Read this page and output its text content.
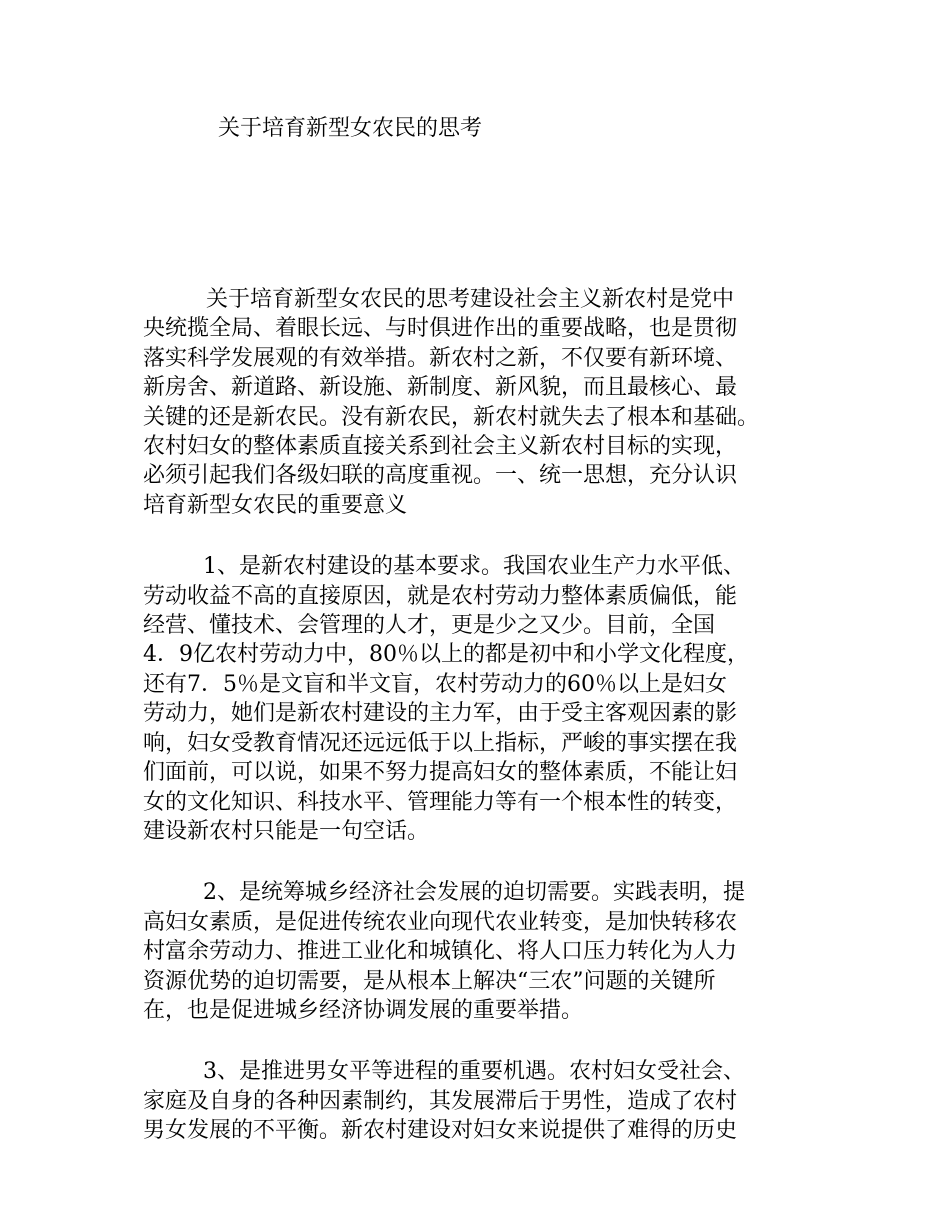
关于培育新型女农民的思考

关于培育新型女农民的思考建设社会主义新农村是党中
央统揽全局、着眼长远、与时俱进作出的重要战略，也是贯彻
落实科学发展观的有效举措。新农村之新，不仅要有新环境、
新房舍、新道路、新设施、新制度、新风貌，而且最核心、最
关键的还是新农民。没有新农民，新农村就失去了根本和基础。
农村妇女的整体素质直接关系到社会主义新农村目标的实现，
必须引起我们各级妇联的高度重视。一、统一思想，充分认识
培育新型女农民的重要意义

1、是新农村建设的基本要求。我国农业生产力水平低、
劳动收益不高的直接原因，就是农村劳动力整体素质偏低，能
经营、懂技术、会管理的人才，更是少之又少。目前，全国
4．9亿农村劳动力中，80％以上的都是初中和小学文化程度，
还有7．5％是文盲和半文盲，农村劳动力的60％以上是妇女
劳动力，她们是新农村建设的主力军，由于受主客观因素的影
响，妇女受教育情况还远远低于以上指标，严峻的事实摆在我
们面前，可以说，如果不努力提高妇女的整体素质，不能让妇
女的文化知识、科技水平、管理能力等有一个根本性的转变，
建设新农村只能是一句空话。

2、是统筹城乡经济社会发展的迫切需要。实践表明，提
高妇女素质，是促进传统农业向现代农业转变，是加快转移农
村富余劳动力、推进工业化和城镇化、将人口压力转化为人力
资源优势的迫切需要，是从根本上解决“三农”问题的关键所
在，也是促进城乡经济协调发展的重要举措。

3、是推进男女平等进程的重要机遇。农村妇女受社会、
家庭及自身的各种因素制约，其发展滞后于男性，造成了农村
男女发展的不平衡。新农村建设对妇女来说提供了难得的历史
